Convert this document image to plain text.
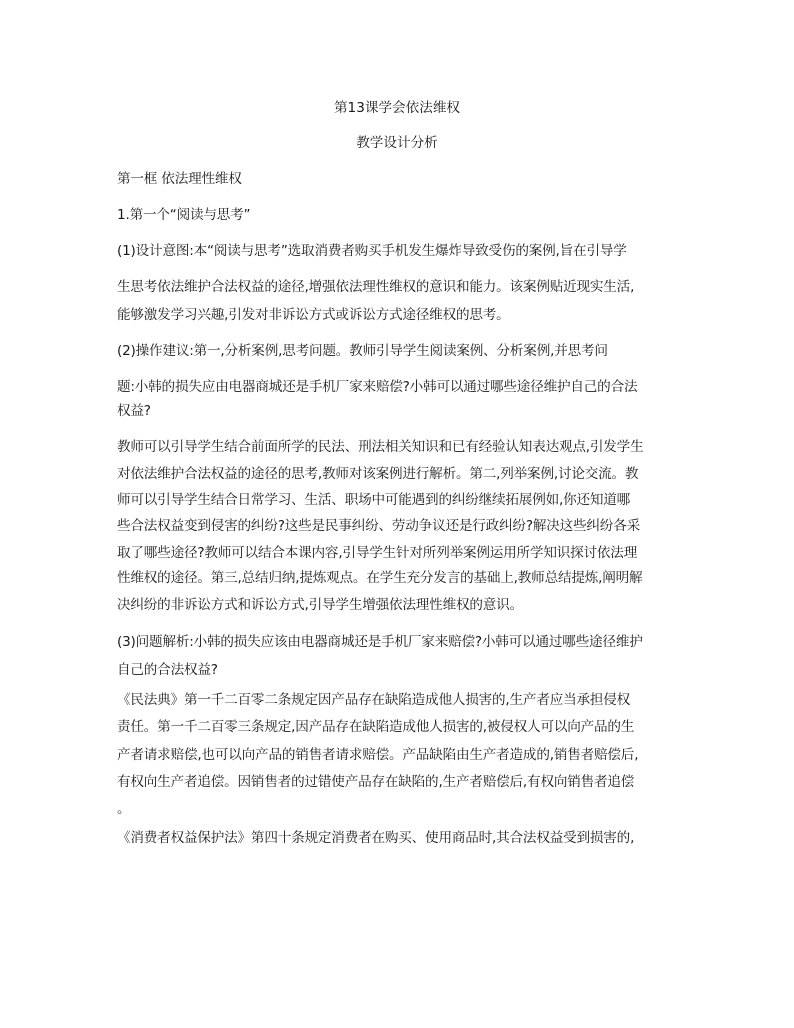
第13课学会依法维权
教学设计分析
第一框 依法理性维权
1.第一个“阅读与思考”
(1)设计意图:本“阅读与思考”选取消费者购买手机发生爆炸导致受伤的案例,旨在引导学
生思考依法维护合法权益的途径,增强依法理性维权的意识和能力。该案例贴近现实生活,
能够激发学习兴趣,引发对非诉讼方式或诉讼方式途径维权的思考。
(2)操作建议:第一,分析案例,思考问题。教师引导学生阅读案例、分析案例,并思考问
题:小韩的损失应由电器商城还是手机厂家来赔偿?小韩可以通过哪些途径维护自己的合法
权益?
教师可以引导学生结合前面所学的民法、刑法相关知识和已有经验认知表达观点,引发学生
对依法维护合法权益的途径的思考,教师对该案例进行解析。第二,列举案例,讨论交流。教
师可以引导学生结合日常学习、生活、职场中可能遇到的纠纷继续拓展例如,你还知道哪
些合法权益变到侵害的纠纷?这些是民事纠纷、劳动争议还是行政纠纷?解决这些纠纷各采
取了哪些途径?教师可以结合本课内容,引导学生针对所列举案例运用所学知识探讨依法理
性维权的途径。第三,总结归纳,提炼观点。在学生充分发言的基础上,教师总结提炼,阐明解
决纠纷的非诉讼方式和诉讼方式,引导学生增强依法理性维权的意识。
(3)问题解析:小韩的损失应该由电器商城还是手机厂家来赔偿?小韩可以通过哪些途径维护
自己的合法权益?
《民法典》第一千二百零二条规定因产品存在缺陷造成他人损害的,生产者应当承担侵权
责任。第一千二百零三条规定,因产品存在缺陷造成他人损害的,被侵权人可以向产品的生
产者请求赔偿,也可以向产品的销售者请求赔偿。产品缺陷由生产者造成的,销售者赔偿后,
有权向生产者追偿。因销售者的过错使产品存在缺陷的,生产者赔偿后,有权向销售者追偿
。
《消费者权益保护法》第四十条规定消费者在购买、使用商品时,其合法权益受到损害的,
